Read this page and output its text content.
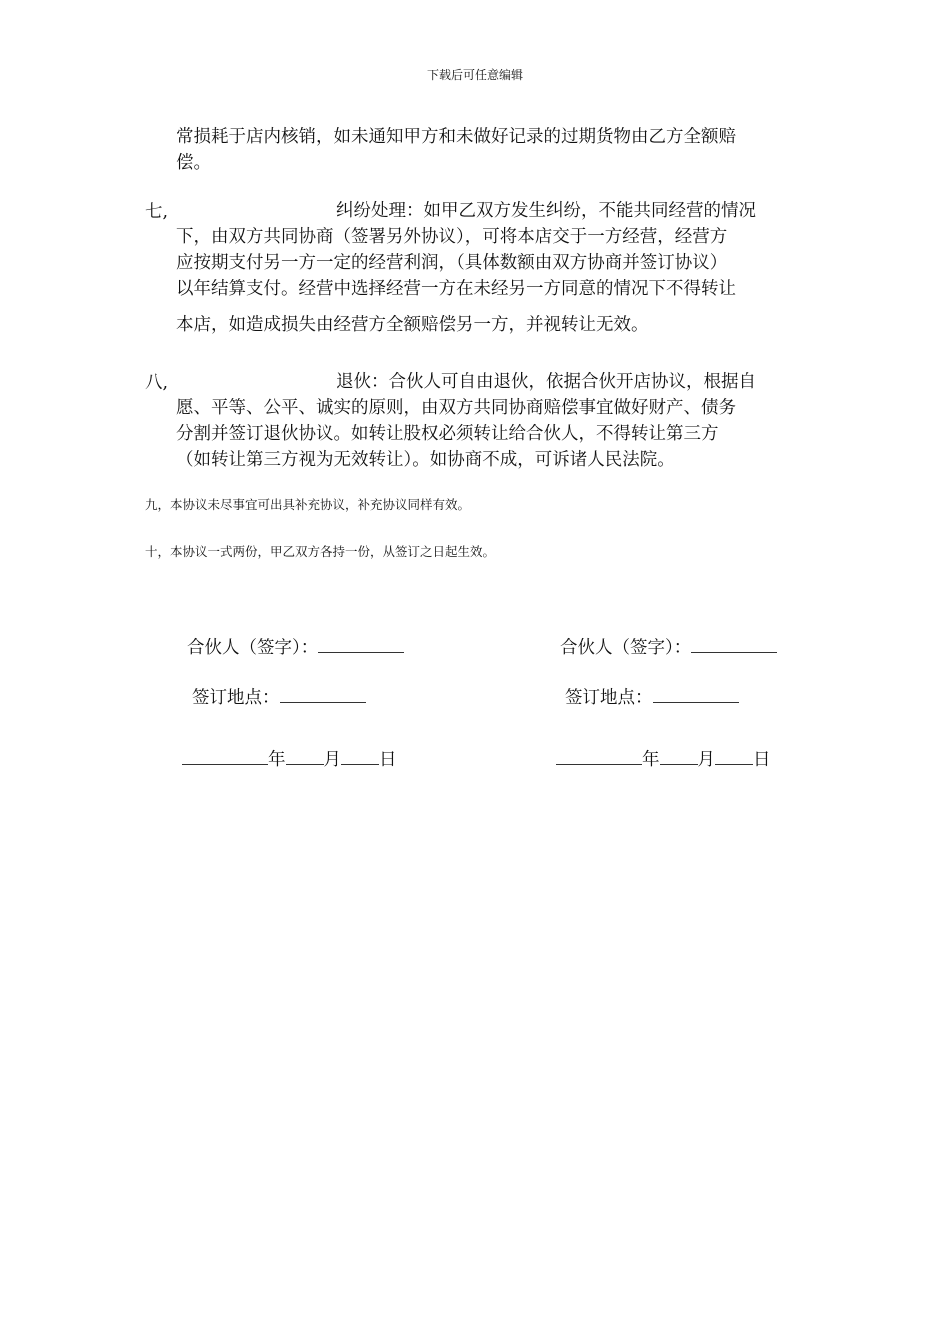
下载后可任意编辑
常损耗于店内核销，如未通知甲方和未做好记录的过期货物由乙方全额赔
偿。
七,	纠纷处理：如甲乙双方发生纠纷，不能共同经营的情况
下，由双方共同协商（签署另外协议），可将本店交于一方经营，经营方
应按期支付另一方一定的经营利润，（具体数额由双方协商并签订协议）
以年结算支付。经营中选择经营一方在未经另一方同意的情况下不得转让
本店，如造成损失由经营方全额赔偿另一方，并视转让无效。
八,	退伙：合伙人可自由退伙，依据合伙开店协议，根据自
愿、平等、公平、诚实的原则，由双方共同协商赔偿事宜做好财产、债务
分割并签订退伙协议。如转让股权必须转让给合伙人，不得转让第三方
（如转让第三方视为无效转让）。如协商不成，可诉诸人民法院。
九，本协议未尽事宜可出具补充协议，补充协议同样有效。
十，本协议一式两份，甲乙双方各持一份，从签订之日起生效。
合伙人（签字）：
签订地点：
年 月 日
合伙人（签字）：
签订地点：
年 月 日
